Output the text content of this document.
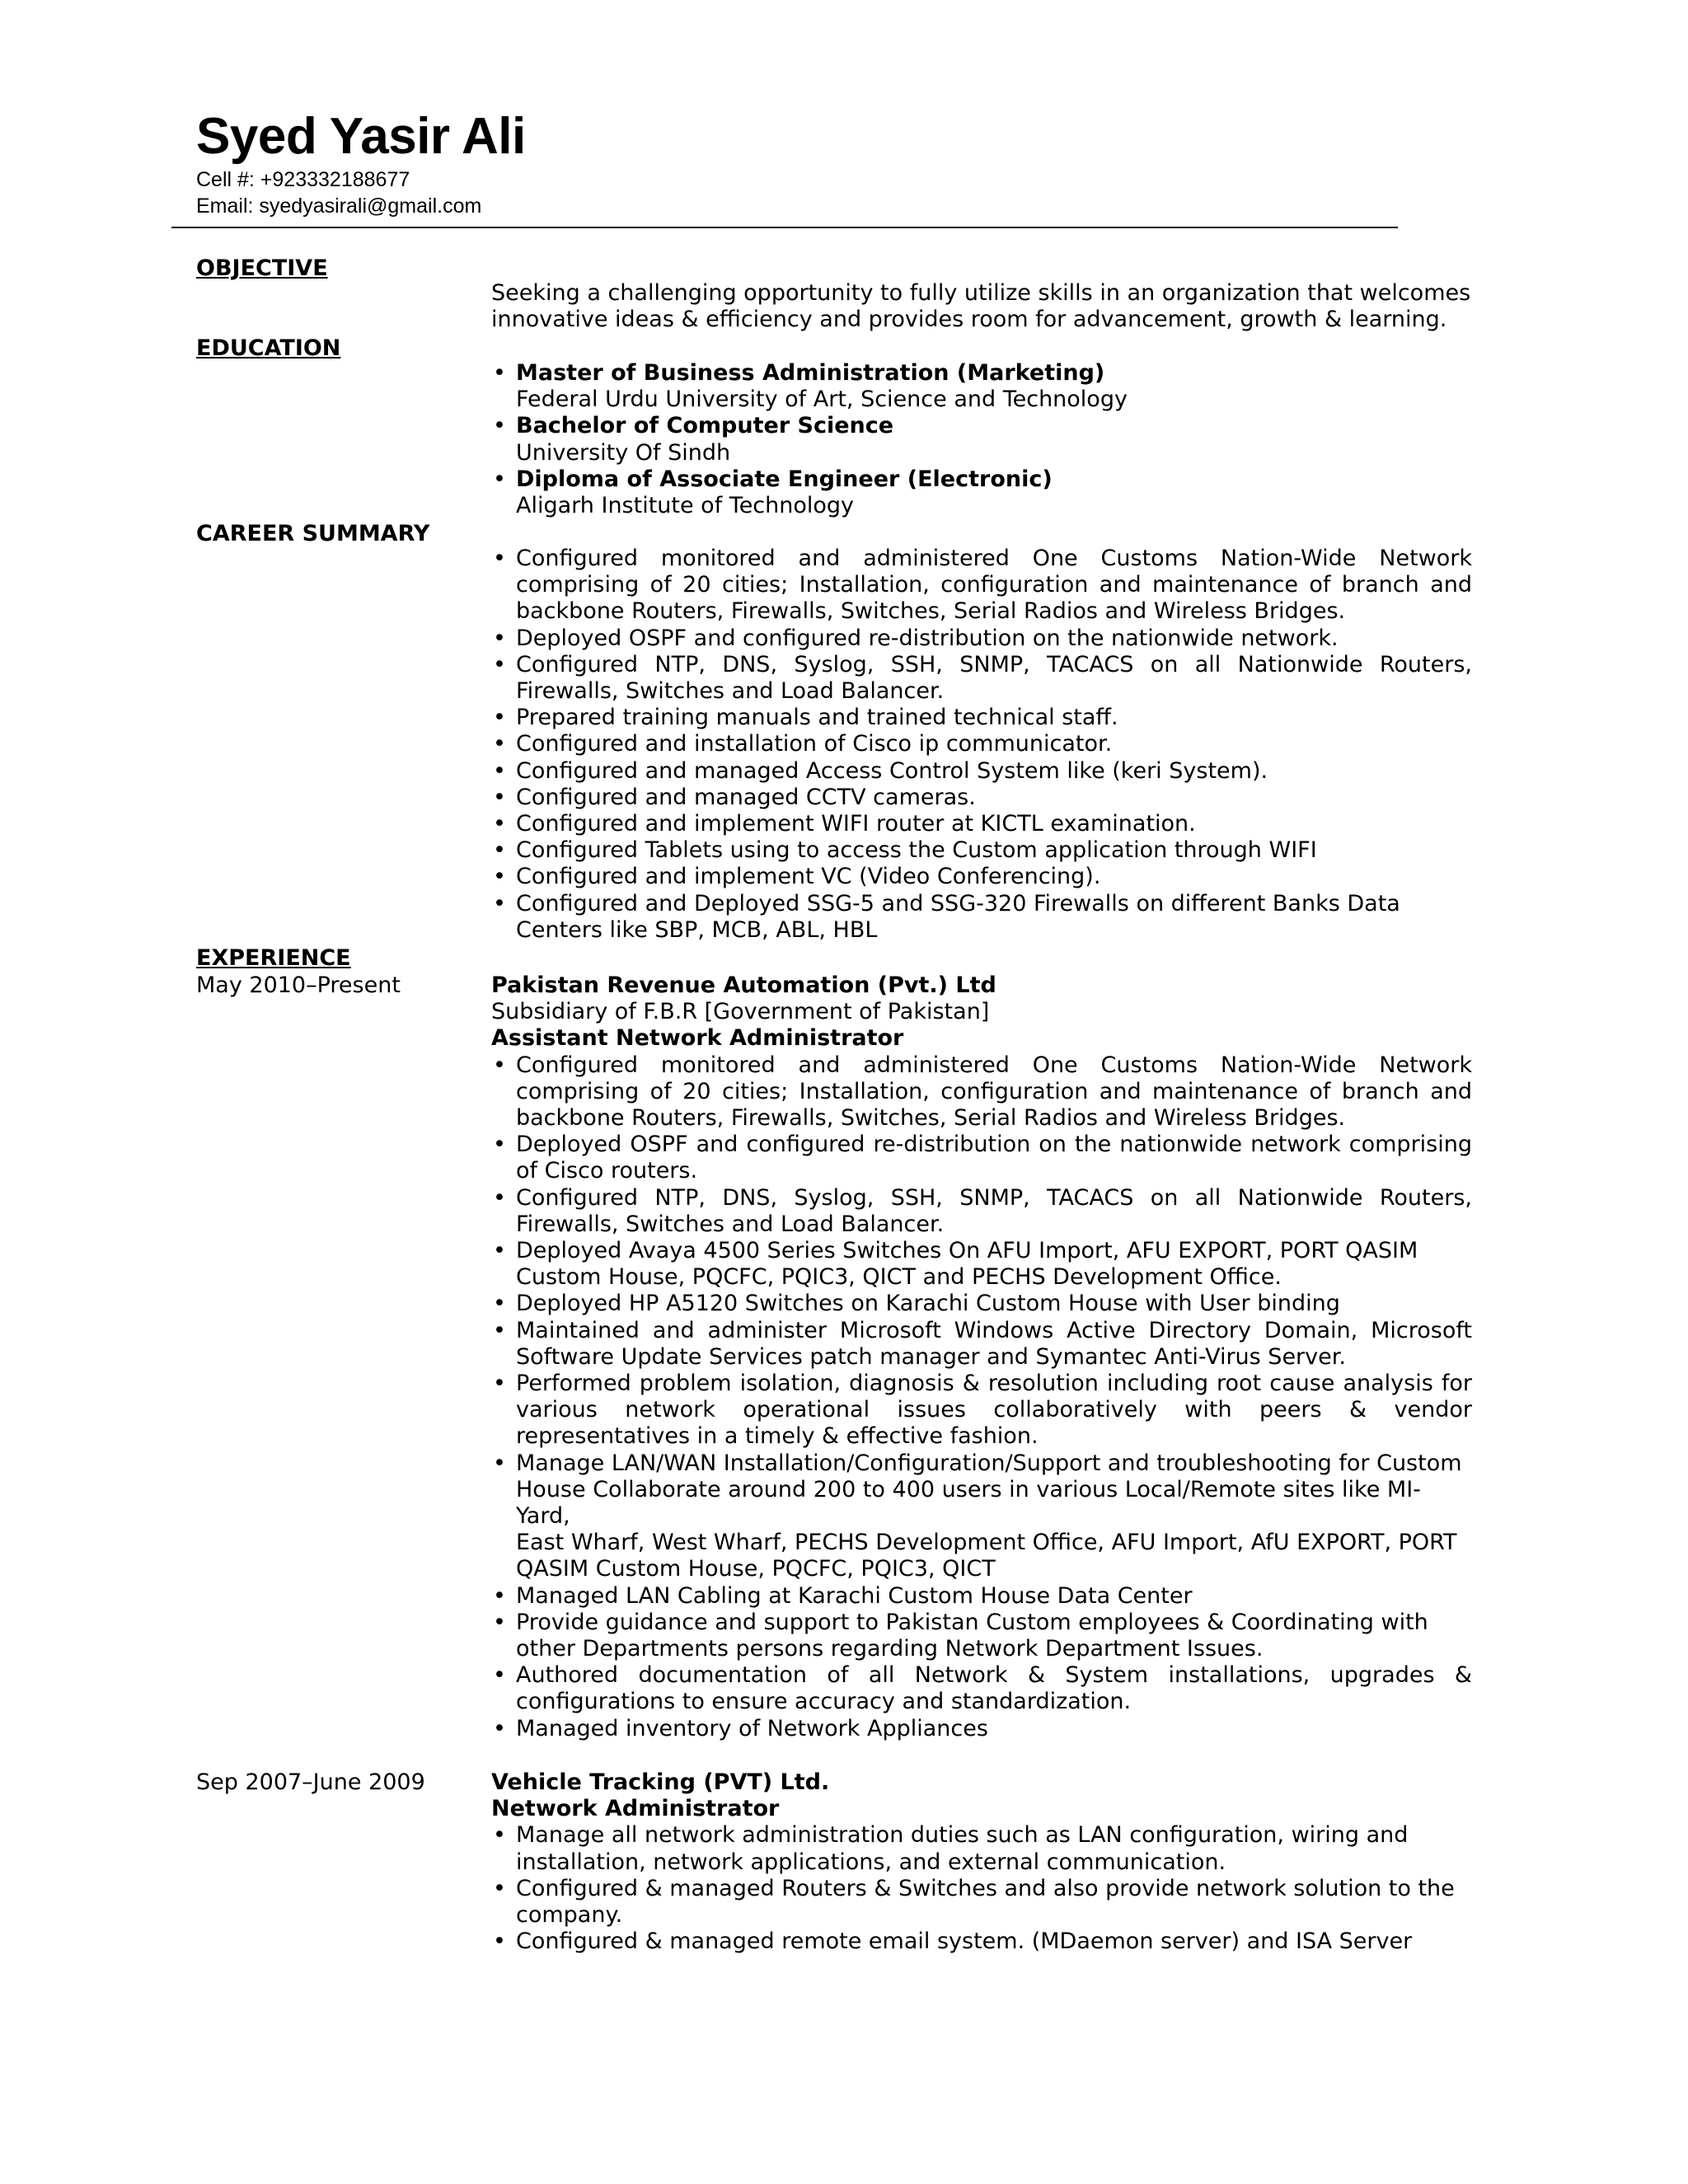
Syed Yasir Ali
Cell #: +923332188677
Email: syedyasirali@gmail.com
OBJECTIVE
EDUCATION
CAREER SUMMARY
EXPERIENCE
May 2010–Present
Sep 2007–June 2009
Seeking a challenging opportunity to fully utilize skills in an organization that welcomes innovative ideas & efficiency and provides room for advancement, growth & learning.
• Master of Business Administration (Marketing)
Federal Urdu University of Art, Science and Technology
• Bachelor of Computer Science
University Of Sindh
• Diploma of Associate Engineer (Electronic)
Aligarh Institute of Technology
• Configured monitored and administered One Customs Nation-Wide Network comprising of 20 cities; Installation, configuration and maintenance of branch and backbone Routers, Firewalls, Switches, Serial Radios and Wireless Bridges.
• Deployed OSPF and configured re-distribution on the nationwide network.
• Configured NTP, DNS, Syslog, SSH, SNMP, TACACS on all Nationwide Routers, Firewalls, Switches and Load Balancer.
• Prepared training manuals and trained technical staff.
• Configured and installation of Cisco ip communicator.
• Configured and managed Access Control System like (keri System).
• Configured and managed CCTV cameras.
• Configured and implement WIFI router at KICTL examination.
• Configured Tablets using to access the Custom application through WIFI
• Configured and implement VC (Video Conferencing).
• Configured and Deployed SSG-5 and SSG-320 Firewalls on different Banks Data Centers like SBP, MCB, ABL, HBL
Pakistan Revenue Automation (Pvt.) Ltd
Subsidiary of F.B.R [Government of Pakistan]
Assistant Network Administrator
• Configured monitored and administered One Customs Nation-Wide Network comprising of 20 cities; Installation, configuration and maintenance of branch and backbone Routers, Firewalls, Switches, Serial Radios and Wireless Bridges.
• Deployed OSPF and configured re-distribution on the nationwide network comprising of Cisco routers.
• Configured NTP, DNS, Syslog, SSH, SNMP, TACACS on all Nationwide Routers, Firewalls, Switches and Load Balancer.
• Deployed Avaya 4500 Series Switches On AFU Import, AFU EXPORT, PORT QASIM Custom House, PQCFC, PQIC3, QICT and PECHS Development Office.
• Deployed HP A5120 Switches on Karachi Custom House with User binding
• Maintained and administer Microsoft Windows Active Directory Domain, Microsoft Software Update Services patch manager and Symantec Anti-Virus Server.
• Performed problem isolation, diagnosis & resolution including root cause analysis for various network operational issues collaboratively with peers & vendor representatives in a timely & effective fashion.
• Manage LAN/WAN Installation/Configuration/Support and troubleshooting for Custom House Collaborate around 200 to 400 users in various Local/Remote sites like MI-Yard,
East Wharf, West Wharf, PECHS Development Office, AFU Import, AfU EXPORT, PORT QASIM Custom House, PQCFC, PQIC3, QICT
• Managed LAN Cabling at Karachi Custom House Data Center
• Provide guidance and support to Pakistan Custom employees & Coordinating with other Departments persons regarding Network Department Issues.
• Authored documentation of all Network & System installations, upgrades & configurations to ensure accuracy and standardization.
• Managed inventory of Network Appliances
Vehicle Tracking (PVT) Ltd.
Network Administrator
• Manage all network administration duties such as LAN configuration, wiring and installation, network applications, and external communication.
• Configured & managed Routers & Switches and also provide network solution to the company.
• Configured & managed remote email system. (MDaemon server) and ISA Server
